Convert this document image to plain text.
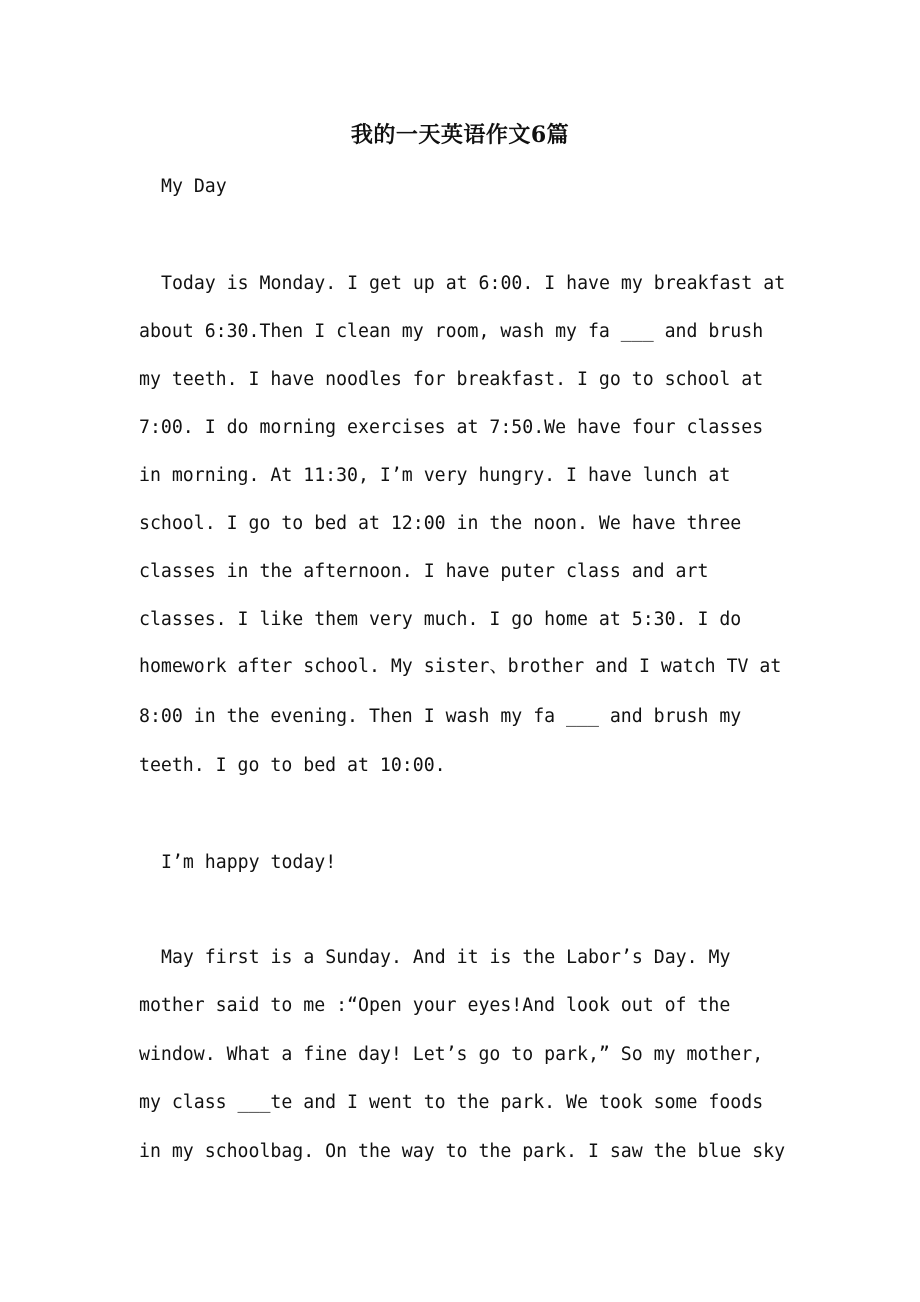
我的一天英语作文6篇
My Day
Today is Monday. I get up at 6:00. I have my breakfast at
about 6:30.Then I clean my room, wash my fa ___ and brush
my teeth. I have noodles for breakfast. I go to school at
7:00. I do morning exercises at 7:50.We have four classes
in morning. At 11:30, I’m very hungry. I have lunch at
school. I go to bed at 12:00 in the noon. We have three
classes in the afternoon. I have puter class and art
classes. I like them very much. I go home at 5:30. I do
homework after school. My sister、brother and I watch TV at
8:00 in the evening. Then I wash my fa ___ and brush my
teeth. I go to bed at 10:00.
I’m happy today!
May first is a Sunday. And it is the Labor’s Day. My
mother said to me :“Open your eyes!And look out of the
window. What a fine day! Let’s go to park,” So my mother,
my class ___te and I went to the park. We took some foods
in my schoolbag. On the way to the park. I saw the blue sky
